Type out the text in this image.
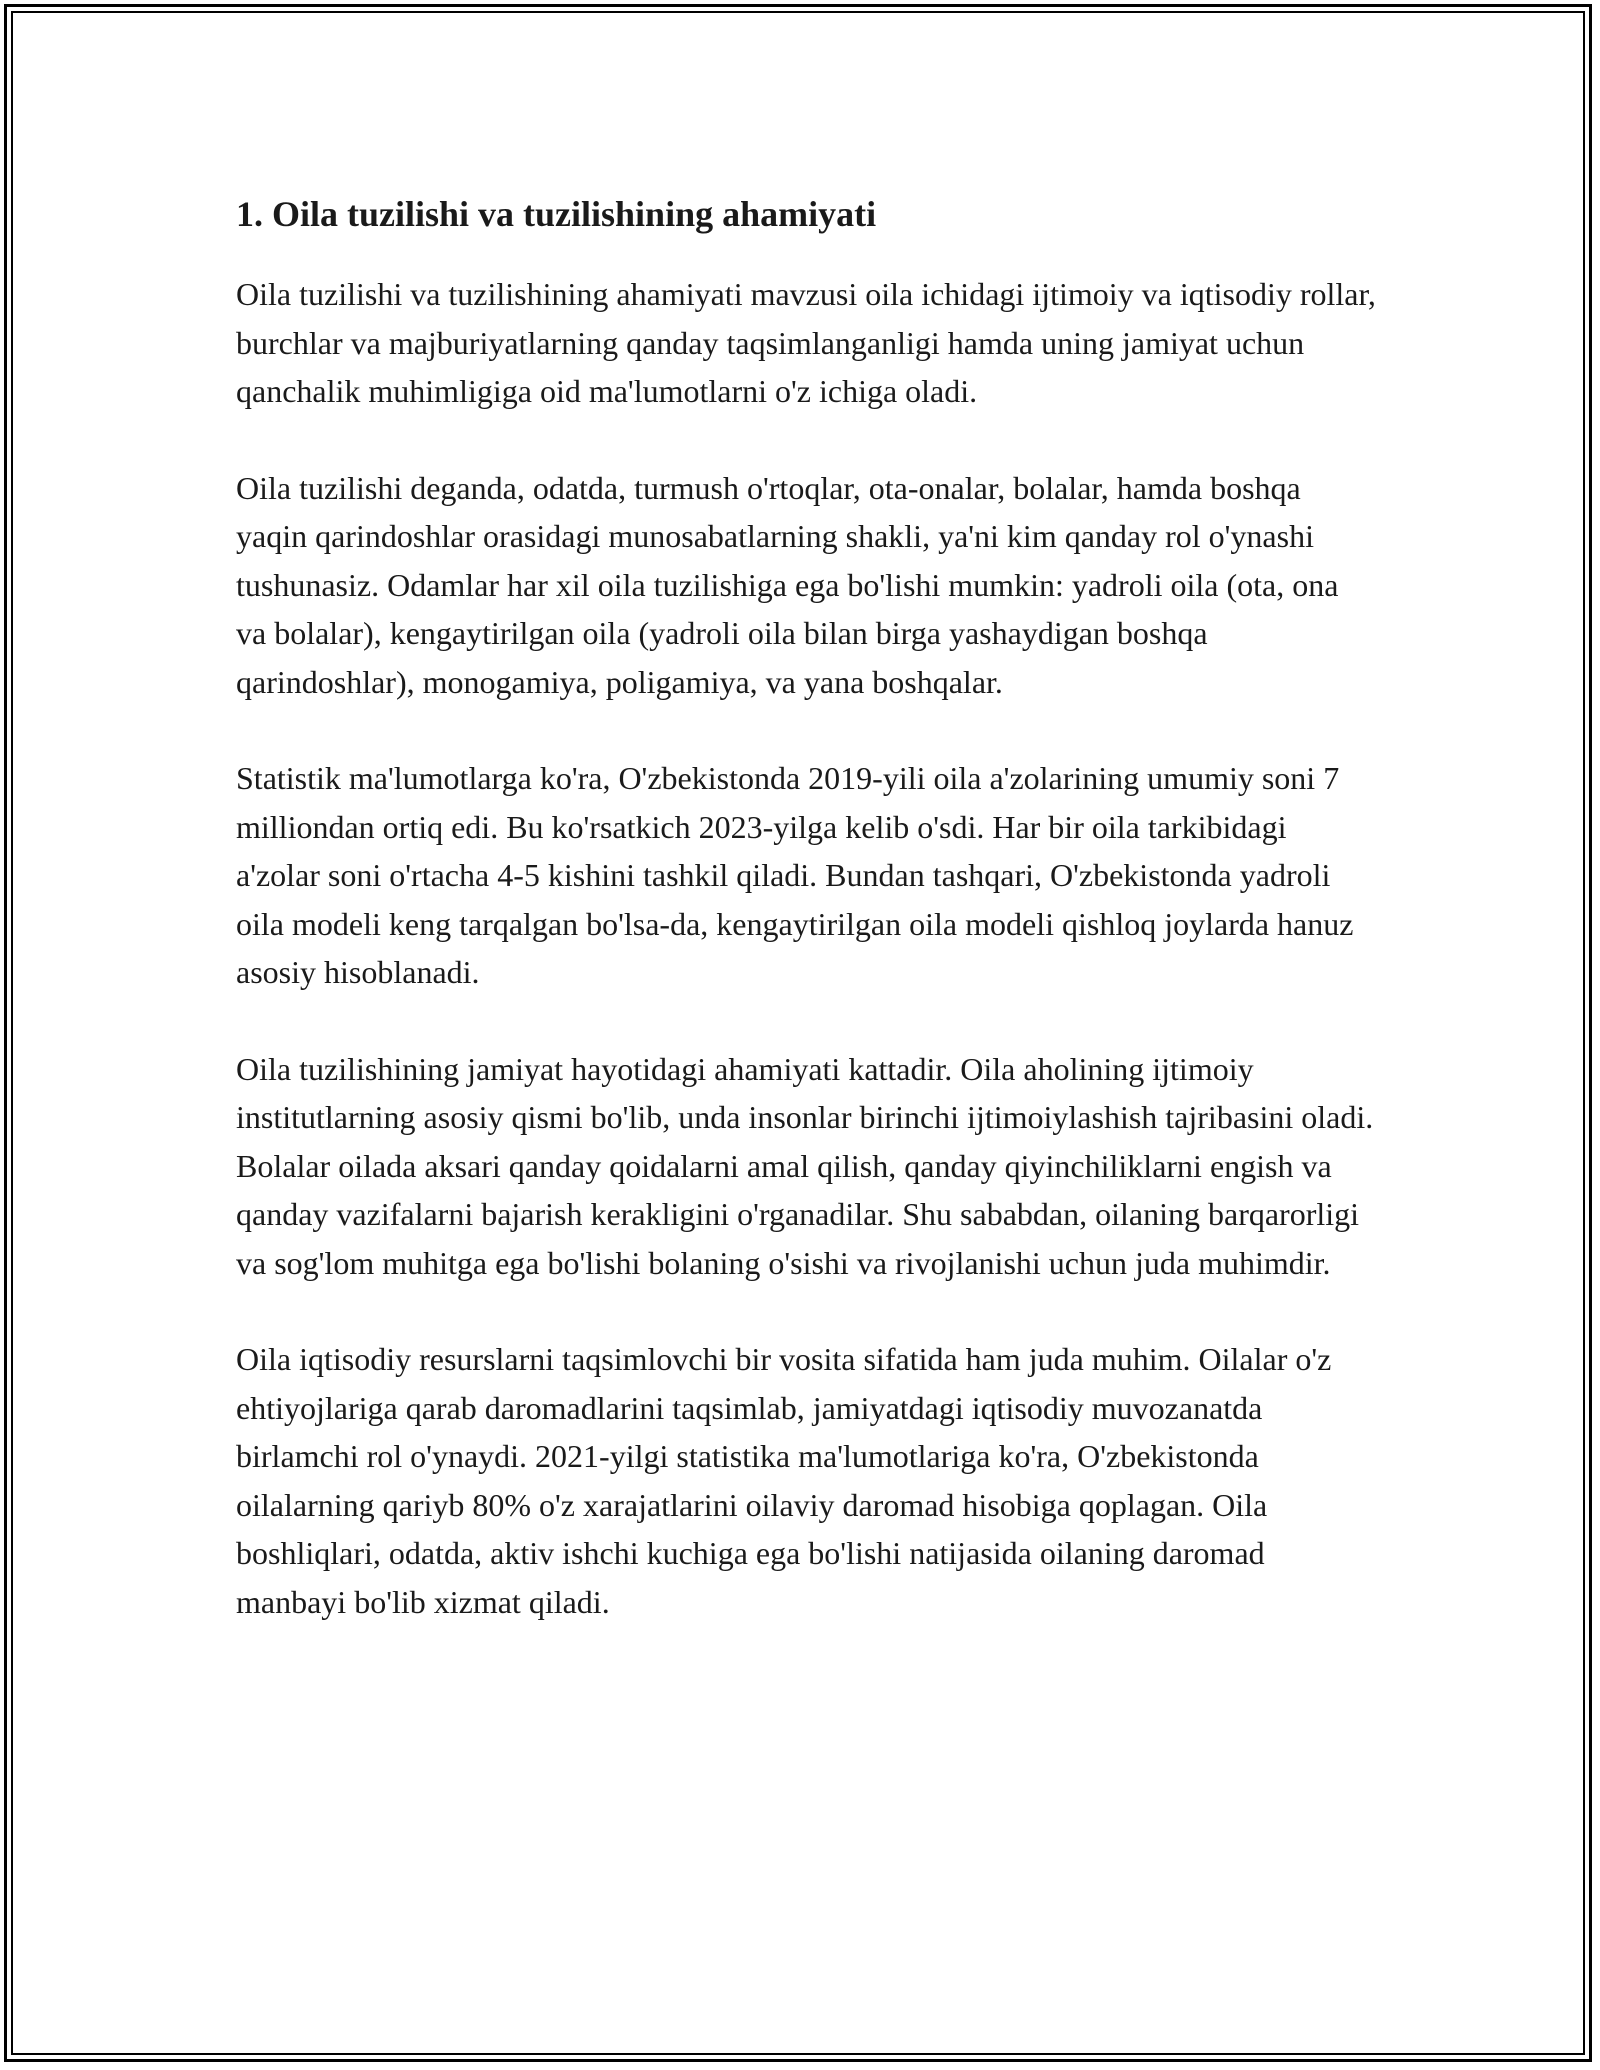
1. Oila tuzilishi va tuzilishining ahamiyati

Oila tuzilishi va tuzilishining ahamiyati mavzusi oila ichidagi ijtimoiy va iqtisodiy rollar, burchlar va majburiyatlarning qanday taqsimlanganligi hamda uning jamiyat uchun qanchalik muhimligiga oid ma'lumotlarni o'z ichiga oladi.

Oila tuzilishi deganda, odatda, turmush o'rtoqlar, ota-onalar, bolalar, hamda boshqa yaqin qarindoshlar orasidagi munosabatlarning shakli, ya'ni kim qanday rol o'ynashi tushunasiz. Odamlar har xil oila tuzilishiga ega bo'lishi mumkin: yadroli oila (ota, ona va bolalar), kengaytirilgan oila (yadroli oila bilan birga yashaydigan boshqa qarindoshlar), monogamiya, poligamiya, va yana boshqalar.

Statistik ma'lumotlarga ko'ra, O'zbekistonda 2019-yili oila a'zolarining umumiy soni 7 milliondan ortiq edi. Bu ko'rsatkich 2023-yilga kelib o'sdi. Har bir oila tarkibidagi a'zolar soni o'rtacha 4-5 kishini tashkil qiladi. Bundan tashqari, O'zbekistonda yadroli oila modeli keng tarqalgan bo'lsa-da, kengaytirilgan oila modeli qishloq joylarda hanuz asosiy hisoblanadi.

Oila tuzilishining jamiyat hayotidagi ahamiyati kattadir. Oila aholining ijtimoiy institutlarning asosiy qismi bo'lib, unda insonlar birinchi ijtimoiylashish tajribasini oladi. Bolalar oilada aksari qanday qoidalarni amal qilish, qanday qiyinchiliklarni engish va qanday vazifalarni bajarish kerakligini o'rganadilar. Shu sababdan, oilaning barqarorligi va sog'lom muhitga ega bo'lishi bolaning o'sishi va rivojlanishi uchun juda muhimdir.

Oila iqtisodiy resurslarni taqsimlovchi bir vosita sifatida ham juda muhim. Oilalar o'z ehtiyojlariga qarab daromadlarini taqsimlab, jamiyatdagi iqtisodiy muvozanatda birlamchi rol o'ynaydi. 2021-yilgi statistika ma'lumotlariga ko'ra, O'zbekistonda oilalarning qariyb 80% o'z xarajatlarini oilaviy daromad hisobiga qoplagan. Oila boshliqlari, odatda, aktiv ishchi kuchiga ega bo'lishi natijasida oilaning daromad manbayi bo'lib xizmat qiladi.
